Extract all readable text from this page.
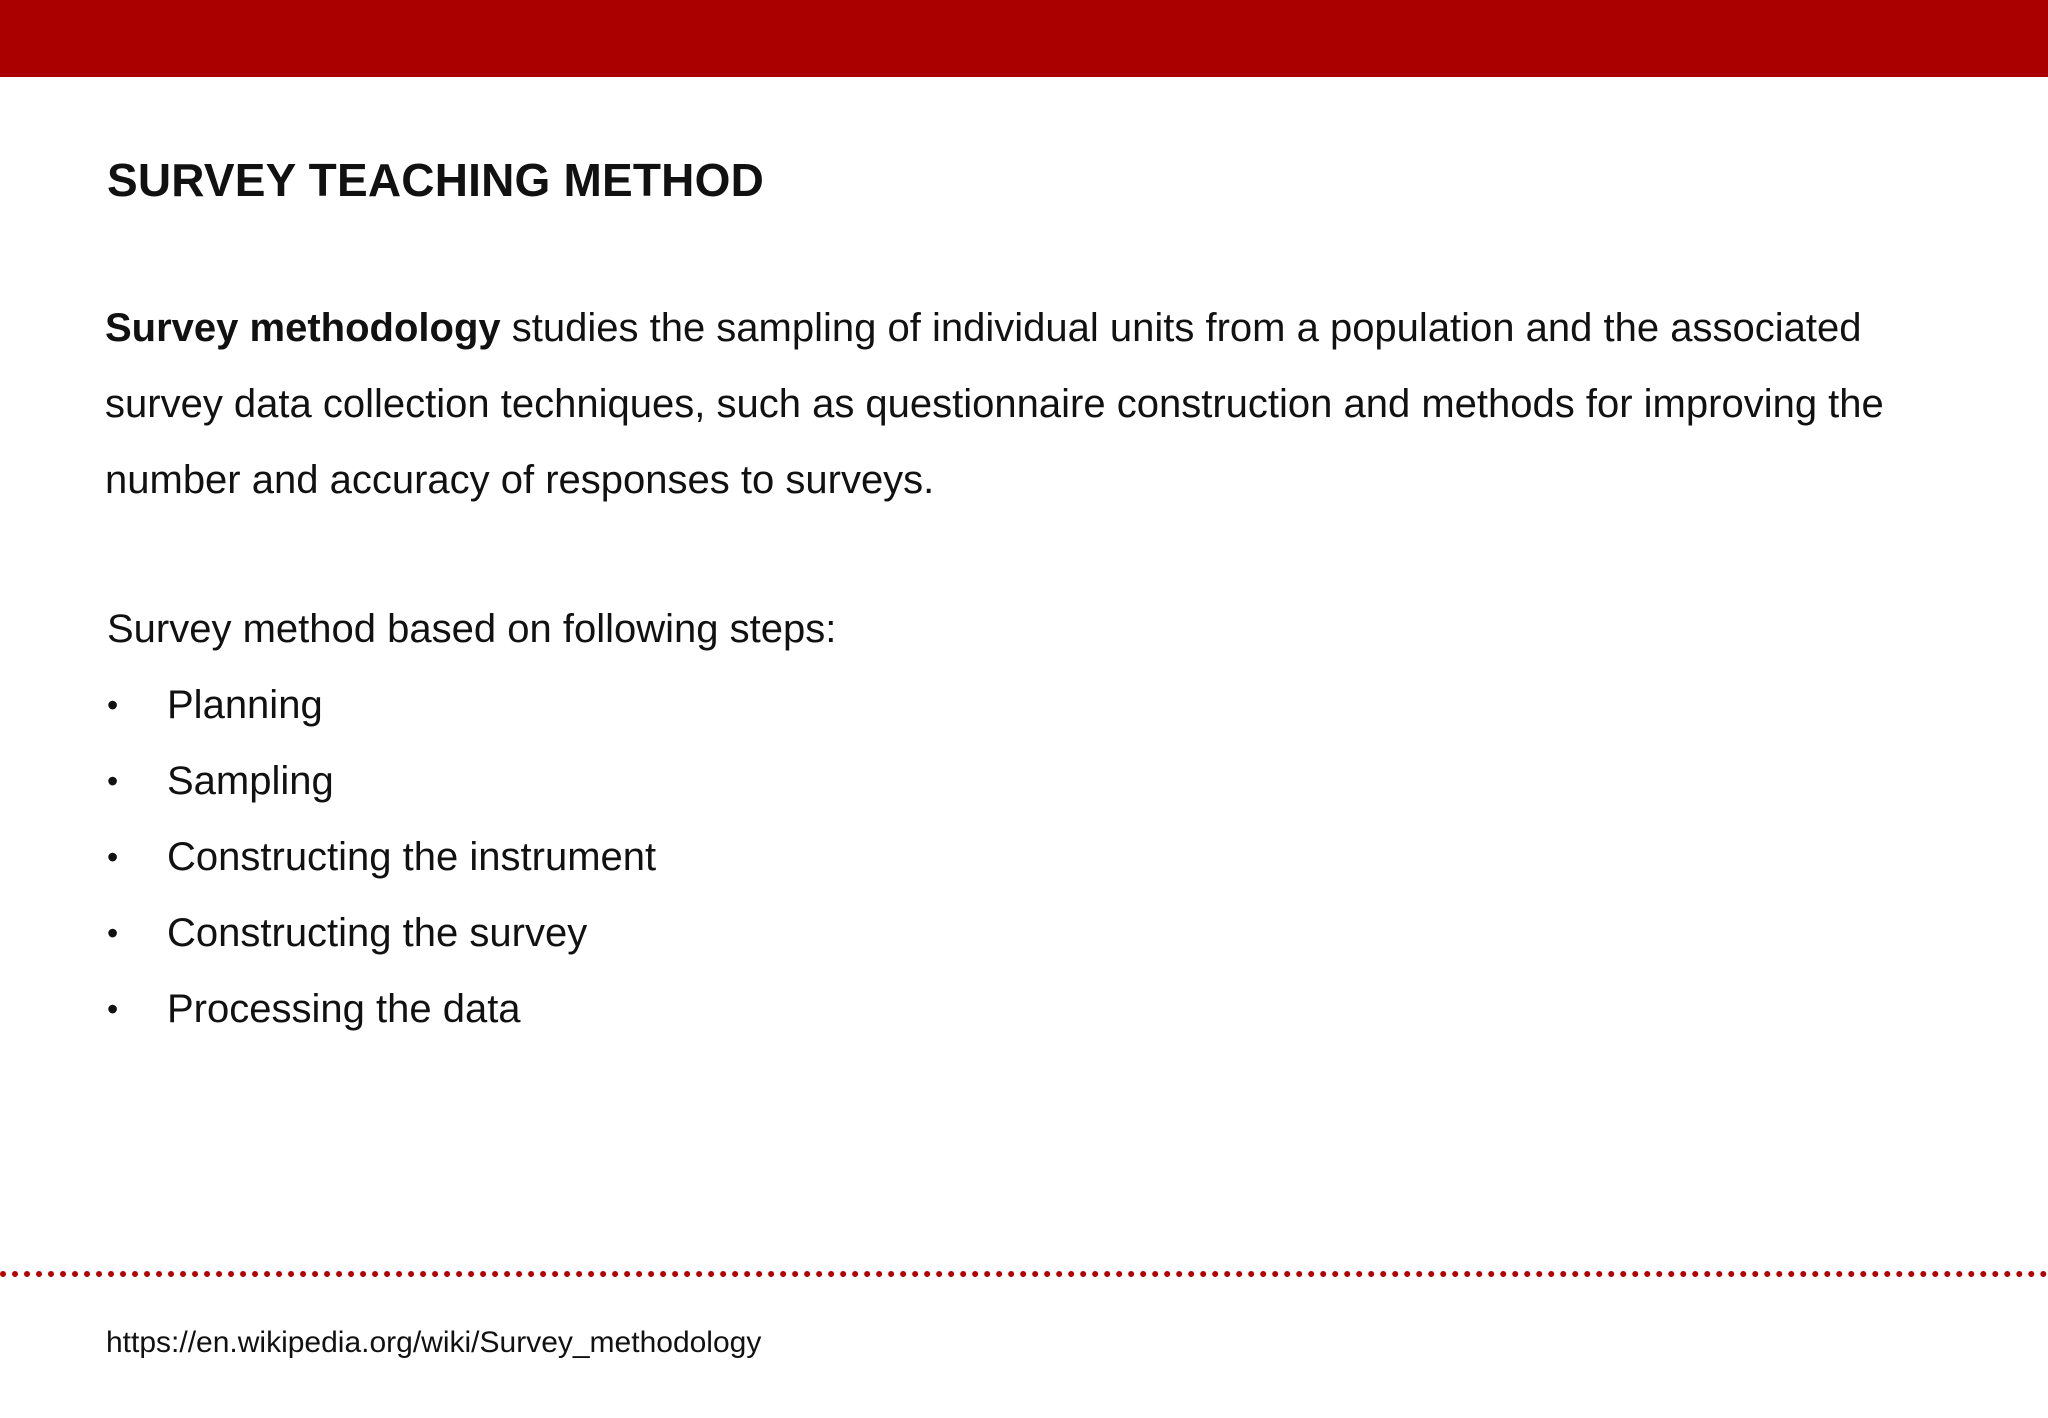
SURVEY TEACHING METHOD

Survey methodology studies the sampling of individual units from a population and the associated survey data collection techniques, such as questionnaire construction and methods for improving the number and accuracy of responses to surveys.

Survey method based on following steps:

•	Planning
•	Sampling
•	Constructing the instrument
•	Constructing the survey
•	Processing the data

https://en.wikipedia.org/wiki/Survey_methodology
